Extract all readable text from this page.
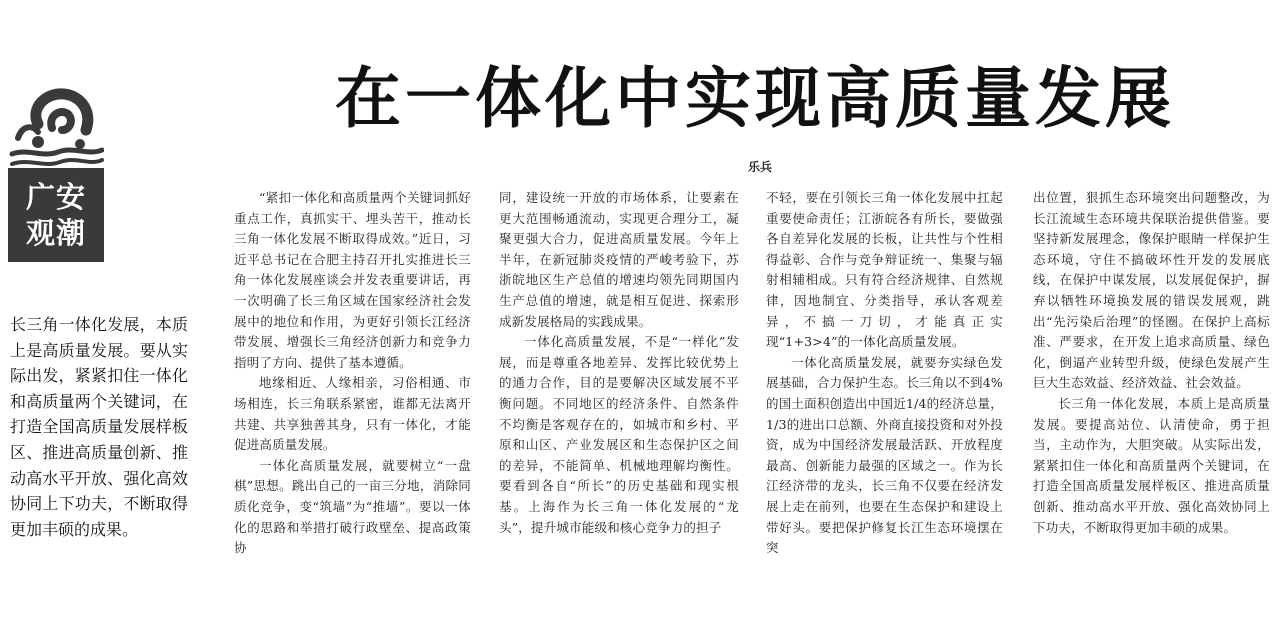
广安
观潮
在一体化中实现高质量发展
乐兵

长三角一体化发展，本质上是高质量发展。要从实际出发，紧紧扣住一体化和高质量两个关键词，在打造全国高质量发展样板区、推进高质量创新、推动高水平开放、强化高效协同上下功夫，不断取得更加丰硕的成果。

“紧扣一体化和高质量两个关键词抓好重点工作，真抓实干、埋头苦干，推动长三角一体化发展不断取得成效。”近日，习近平总书记在合肥主持召开扎实推进长三角一体化发展座谈会并发表重要讲话，再一次明确了长三角区域在国家经济社会发展中的地位和作用，为更好引领长江经济带发展、增强长三角经济创新力和竞争力指明了方向、提供了基本遵循。

地缘相近、人缘相亲，习俗相通、市场相连，长三角联系紧密，谁都无法离开共建、共享独善其身，只有一体化，才能促进高质量发展。

一体化高质量发展，就要树立“一盘棋”思想。跳出自己的一亩三分地，消除同质化竞争，变“筑墙”为“推墙”。要以一体化的思路和举措打破行政壁垒、提高政策协

同，建设统一开放的市场体系，让要素在更大范围畅通流动，实现更合理分工，凝聚更强大合力，促进高质量发展。今年上半年，在新冠肺炎疫情的严峻考验下，苏浙皖地区生产总值的增速均领先同期国内生产总值的增速，就是相互促进、探索形成新发展格局的实践成果。

一体化高质量发展，不是“一样化”发展，而是尊重各地差异、发挥比较优势上的通力合作，目的是要解决区域发展不平衡问题。不同地区的经济条件、自然条件不均衡是客观存在的，如城市和乡村、平原和山区、产业发展区和生态保护区之间的差异，不能简单、机械地理解均衡性。要看到各自“所长”的历史基础和现实根基。上海作为长三角一体化发展的“龙头”，提升城市能级和核心竞争力的担子

不轻，要在引领长三角一体化发展中扛起重要使命责任；江浙皖各有所长，要做强各自差异化发展的长板，让共性与个性相得益彰、合作与竞争辩证统一、集聚与辐射相辅相成。只有符合经济规律、自然规律，因地制宜、分类指导，承认客观差异，不搞一刀切，才能真正实现“1+3>4”的一体化高质量发展。

一体化高质量发展，就要夯实绿色发展基础，合力保护生态。长三角以不到4%的国土面积创造出中国近1/4的经济总量，1/3的进出口总额、外商直接投资和对外投资，成为中国经济发展最活跃、开放程度最高、创新能力最强的区域之一。作为长江经济带的龙头，长三角不仅要在经济发展上走在前列，也要在生态保护和建设上带好头。要把保护修复长江生态环境摆在突

出位置，狠抓生态环境突出问题整改，为长江流域生态环境共保联治提供借鉴。要坚持新发展理念，像保护眼睛一样保护生态环境，守住不搞破坏性开发的发展底线，在保护中谋发展，以发展促保护，摒弃以牺牲环境换发展的错误发展观，跳出“先污染后治理”的怪圈。在保护上高标准、严要求，在开发上追求高质量、绿色化，倒逼产业转型升级，使绿色发展产生巨大生态效益、经济效益、社会效益。

长三角一体化发展，本质上是高质量发展。要提高站位、认清使命，勇于担当，主动作为，大胆突破。从实际出发，紧紧扣住一体化和高质量两个关键词，在打造全国高质量发展样板区、推进高质量创新、推动高水平开放、强化高效协同上下功夫，不断取得更加丰硕的成果。
